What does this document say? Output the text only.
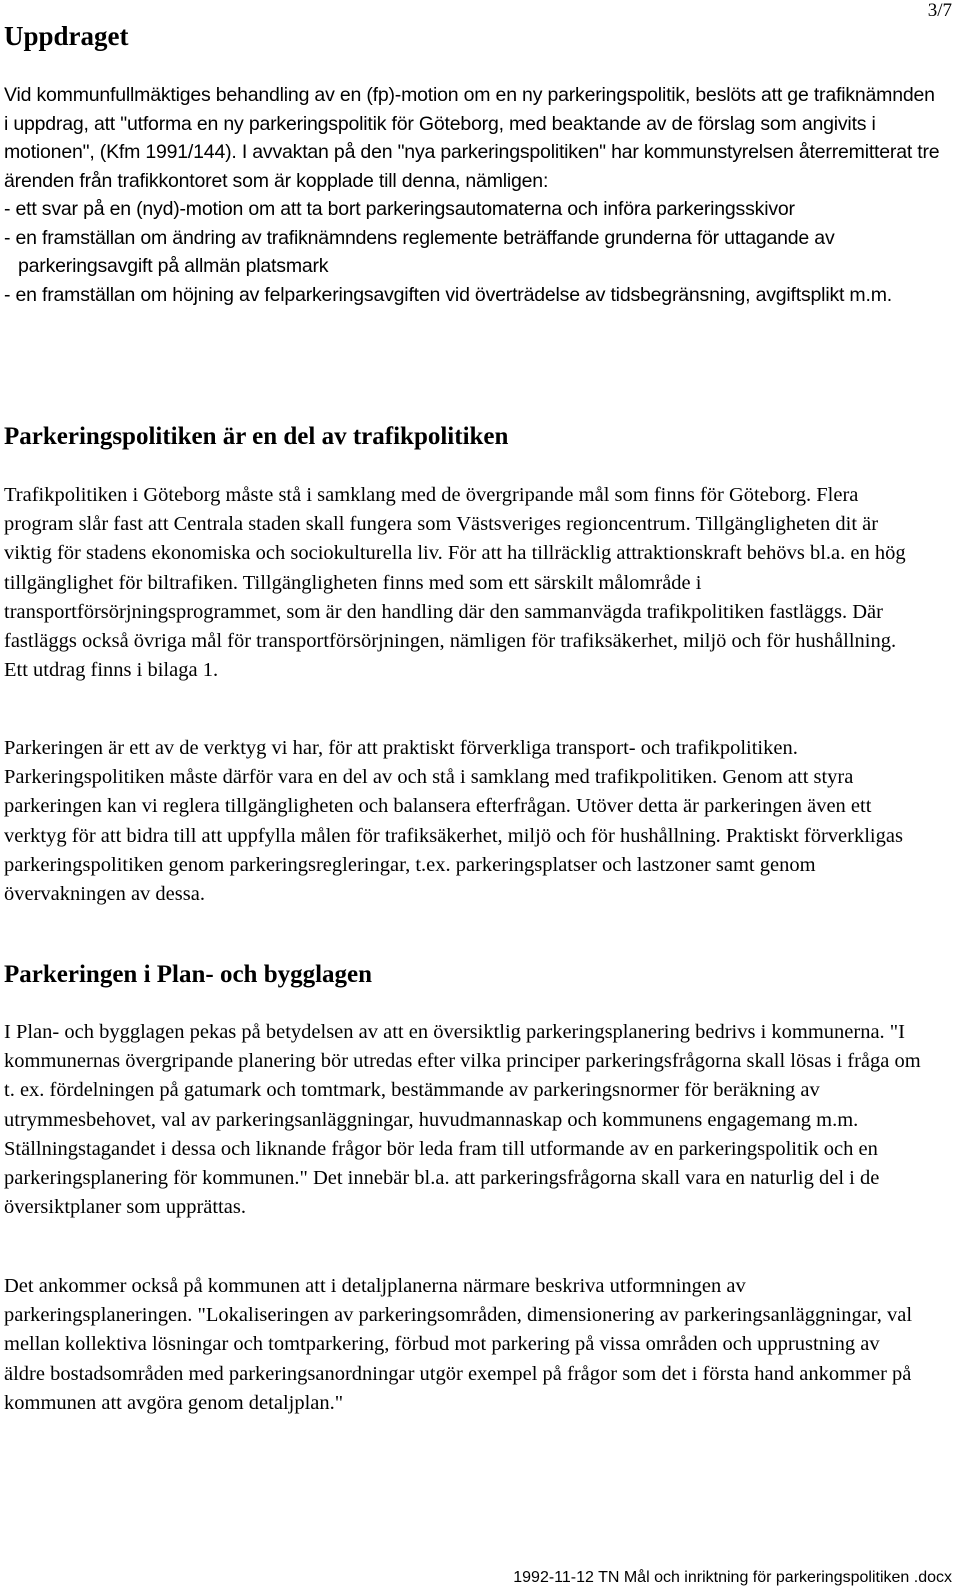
3/7
Uppdraget

Vid kommunfullmäktiges behandling av en (fp)-motion om en ny parkeringspolitik, beslöts att ge trafiknämnden i uppdrag, att "utforma en ny parkeringspolitik för Göteborg, med beaktande av de förslag som angivits i motionen", (Kfm 1991/144). I avvaktan på den "nya parkeringspolitiken" har kommunstyrelsen återremitterat tre ärenden från trafikkontoret som är kopplade till denna, nämligen:

- ett svar på en (nyd)-motion om att ta bort parkeringsautomaterna och införa parkeringsskivor

- en framställan om ändring av trafiknämndens reglemente beträffande grunderna för uttagande av parkeringsavgift på allmän platsmark

- en framställan om höjning av felparkeringsavgiften vid överträdelse av tidsbegränsning, avgiftsplikt m.m.

Parkeringspolitiken är en del av trafikpolitiken

Trafikpolitiken i Göteborg måste stå i samklang med de övergripande mål som finns för Göteborg. Flera program slår fast att Centrala staden skall fungera som Västsveriges regioncentrum. Tillgängligheten dit är viktig för stadens ekonomiska och sociokulturella liv. För att ha tillräcklig attraktionskraft behövs bl.a. en hög tillgänglighet för biltrafiken. Tillgängligheten finns med som ett särskilt målområde i transportförsörjningsprogrammet, som är den handling där den sammanvägda trafikpolitiken fastläggs. Där fastläggs också övriga mål för transportförsörjningen, nämligen för trafiksäkerhet, miljö och för hushållning. Ett utdrag finns i bilaga 1.

Parkeringen är ett av de verktyg vi har, för att praktiskt förverkliga transport- och trafikpolitiken. Parkeringspolitiken måste därför vara en del av och stå i samklang med trafikpolitiken. Genom att styra parkeringen kan vi reglera tillgängligheten och balansera efterfrågan. Utöver detta är parkeringen även ett verktyg för att bidra till att uppfylla målen för trafiksäkerhet, miljö och för hushållning. Praktiskt förverkligas parkeringspolitiken genom parkeringsregleringar, t.ex. parkeringsplatser och lastzoner samt genom övervakningen av dessa.

Parkeringen i Plan- och bygglagen

I Plan- och bygglagen pekas på betydelsen av att en översiktlig parkeringsplanering bedrivs i kommunerna. "I kommunernas övergripande planering bör utredas efter vilka principer parkeringsfrågorna skall lösas i fråga om t. ex. fördelningen på gatumark och tomtmark, bestämmande av parkeringsnormer för beräkning av utrymmesbehovet, val av parkeringsanläggningar, huvudmannaskap och kommunens engagemang m.m. Ställningstagandet i dessa och liknande frågor bör leda fram till utformande av en parkeringspolitik och en parkeringsplanering för kommunen." Det innebär bl.a. att parkeringsfrågorna skall vara en naturlig del i de översiktplaner som upprättas.

Det ankommer också på kommunen att i detaljplanerna närmare beskriva utformningen av parkeringsplaneringen. "Lokaliseringen av parkeringsområden, dimensionering av parkeringsanläggningar, val mellan kollektiva lösningar och tomtparkering, förbud mot parkering på vissa områden och upprustning av äldre bostadsområden med parkeringsanordningar utgör exempel på frågor som det i första hand ankommer på kommunen att avgöra genom detaljplan."

1992-11-12 TN Mål och inriktning för parkeringspolitiken .docx
